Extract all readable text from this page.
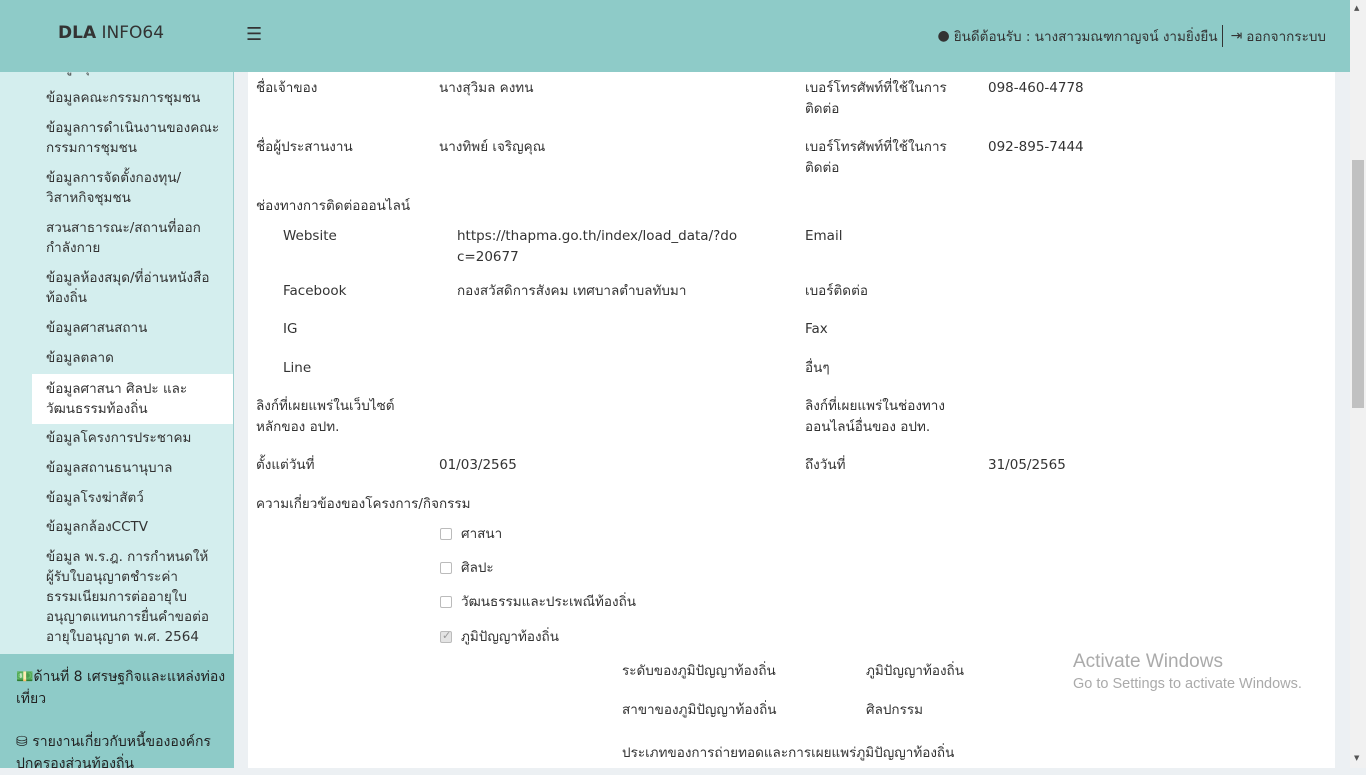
DLA INFO64	☰	● ยินดีต้อนรับ : นางสาวมณฑกาญจน์ งามยิ่งยืน ⇥ ออกจากระบบ
ข้อมูลคณะกรรมการชุมชน
ข้อมูลการดำเนินงานของคณะกรรมการชุมชน
ข้อมูลการจัดตั้งกองทุน/วิสาหกิจชุมชน
สวนสาธารณะ/สถานที่ออกกำลังกาย
ข้อมูลห้องสมุด/ที่อ่านหนังสือท้องถิ่น
ข้อมูลศาสนสถาน
ข้อมูลตลาด
ข้อมูลศาสนา ศิลปะ และวัฒนธรรมท้องถิ่น
ข้อมูลโครงการประชาคม
ข้อมูลสถานธนานุบาล
ข้อมูลโรงฆ่าสัตว์
ข้อมูลกล้องCCTV
ข้อมูล พ.ร.ฎ. การกำหนดให้ผู้รับใบอนุญาตชำระค่าธรรมเนียมการต่ออายุใบอนุญาตแทนการยื่นคำขอต่ออายุใบอนุญาต พ.ศ. 2564
💵ด้านที่ 8 เศรษฐกิจและแหล่งท่องเที่ยว
⛁ รายงานเกี่ยวกับหนี้ขององค์กรปกครองส่วนท้องถิ่น
ชื่อเจ้าของ	นางสุวิมล คงทน	เบอร์โทรศัพท์ที่ใช้ในการติดต่อ
098-460-4778
ชื่อผู้ประสานงาน	นางทิพย์ เจริญคุณ	เบอร์โทรศัพท์ที่ใช้ในการติดต่อ
092-895-7444
ช่องทางการติดต่อออนไลน์
Website	https://thapma.go.th/index/load_data/?doc=20677
Email
Facebook	กองสวัสดิการสังคม เทศบาลตำบลทับมา	เบอร์ติดต่อ
IG	Fax
Line	อื่นๆ
ลิงก์ที่เผยแพร่ในเว็บไซต์หลักของ อปท.
ลิงก์ที่เผยแพร่ในช่องทางออนไลน์อื่นของ อปท.
ตั้งแต่วันที่	01/03/2565	ถึงวันที่	31/05/2565
ความเกี่ยวข้องของโครงการ/กิจกรรม
ศาสนา
ศิลปะ
วัฒนธรรมและประเพณีท้องถิ่น
✓
ภูมิปัญญาท้องถิ่น
ระดับของภูมิปัญญาท้องถิ่น	ภูมิปัญญาท้องถิ่น
สาขาของภูมิปัญญาท้องถิ่น	ศิลปกรรม
ประเภทของการถ่ายทอดและการเผยแพร่ภูมิปัญญาท้องถิ่น
Activate Windows
Go to Settings to activate Windows.
▲
▼
